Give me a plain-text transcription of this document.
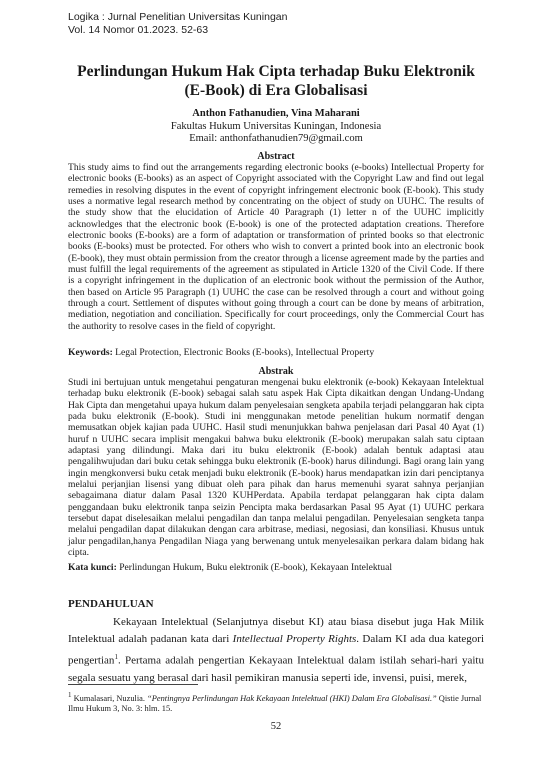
Logika : Jurnal Penelitian Universitas Kuningan
Vol. 14 Nomor 01.2023. 52-63
Perlindungan Hukum Hak Cipta terhadap Buku Elektronik
(E-Book) di Era Globalisasi
Anthon Fathanudien, Vina Maharani
Fakultas Hukum Universitas Kuningan, Indonesia
Email: anthonfathanudien79@gmail.com
Abstract
This study aims to find out the arrangements regarding electronic books (e-books) Intellectual Property for electronic books (E-books) as an aspect of Copyright associated with the Copyright Law and find out legal remedies in resolving disputes in the event of copyright infringement electronic book (E-book). This study uses a normative legal research method by concentrating on the object of study on UUHC. The results of the study show that the elucidation of Article 40 Paragraph (1) letter n of the UUHC implicitly acknowledges that the electronic book (E-book) is one of the protected adaptation creations. Therefore electronic books (E-books) are a form of adaptation or transformation of printed books so that electronic books (E-books) must be protected. For others who wish to convert a printed book into an electronic book (E-book), they must obtain permission from the creator through a license agreement made by the parties and must fulfill the legal requirements of the agreement as stipulated in Article 1320 of the Civil Code. If there is a copyright infringement in the duplication of an electronic book without the permission of the Author, then based on Article 95 Paragraph (1) UUHC the case can be resolved through a court and without going through a court. Settlement of disputes without going through a court can be done by means of arbitration, mediation, negotiation and conciliation. Specifically for court proceedings, only the Commercial Court has the authority to resolve cases in the field of copyright.
Keywords: Legal Protection, Electronic Books (E-books), Intellectual Property
Abstrak
Studi ini bertujuan untuk mengetahui pengaturan mengenai buku elektronik (e-book) Kekayaan Intelektual terhadap buku elektronik (E-book) sebagai salah satu aspek Hak Cipta dikaitkan dengan Undang-Undang Hak Cipta dan mengetahui upaya hukum dalam penyelesaian sengketa apabila terjadi pelanggaran hak cipta pada buku elektronik (E-book). Studi ini menggunakan metode penelitian hukum normatif dengan memusatkan objek kajian pada UUHC. Hasil studi menunjukkan bahwa penjelasan dari Pasal 40 Ayat (1) huruf n UUHC secara implisit mengakui bahwa buku elektronik (E-book) merupakan salah satu ciptaan adaptasi yang dilindungi. Maka dari itu buku elektronik (E-book) adalah bentuk adaptasi atau pengalihwujudan dari buku cetak sehingga buku elektronik (E-book) harus dilindungi. Bagi orang lain yang ingin mengkonversi buku cetak menjadi buku elektronik (E-book) harus mendapatkan izin dari penciptanya melalui perjanjian lisensi yang dibuat oleh para pihak dan harus memenuhi syarat sahnya perjanjian sebagaimana diatur dalam Pasal 1320 KUHPerdata. Apabila terdapat pelanggaran hak cipta dalam penggandaan buku elektronik tanpa seizin Pencipta maka berdasarkan Pasal 95 Ayat (1) UUHC perkara tersebut dapat diselesaikan melalui pengadilan dan tanpa melalui pengadilan. Penyelesaian sengketa tanpa melalui pengadilan dapat dilakukan dengan cara arbitrase, mediasi, negosiasi, dan konsiliasi. Khusus untuk jalur pengadilan,hanya Pengadilan Niaga yang berwenang untuk menyelesaikan perkara dalam bidang hak cipta.
Kata kunci: Perlindungan Hukum, Buku elektronik (E-book), Kekayaan Intelektual
PENDAHULUAN
Kekayaan Intelektual (Selanjutnya disebut KI) atau biasa disebut juga Hak Milik Intelektual adalah padanan kata dari Intellectual Property Rights. Dalam KI ada dua kategori pengertian$^1$. Pertama adalah pengertian Kekayaan Intelektual dalam istilah sehari-hari yaitu segala sesuatu yang berasal dari hasil pemikiran manusia seperti ide, invensi, puisi, merek,
$^1$ Kumalasari, Nuzulia. “Pentingnya Perlindungan Hak Kekayaan Intelektual (HKI) Dalam Era Globalisasi.” Qistie Jurnal Ilmu Hukum 3, No. 3: hlm. 15.
52
